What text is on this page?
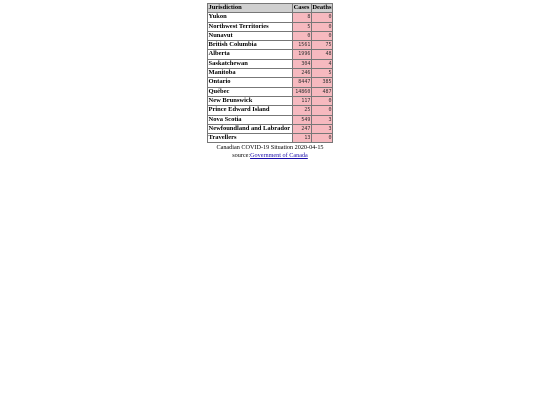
Jurisdiction	Cases	Deaths
Yukon	8	0
Northwest Territories	5	0
Nunavut	0	0
British Columbia	1561	75
Alberta	1996	48
Saskatchewan	304	4
Manitoba	246	5
Ontario	8447	385
Québec	14860	487
New Brunswick	117	0
Prince Edward Island	25	0
Nova Scotia	549	3
Newfoundland and Labrador	247	3
Travellers	13	0
Canadian COVID-19 Situation 2020-04-15
source:Government of Canada
